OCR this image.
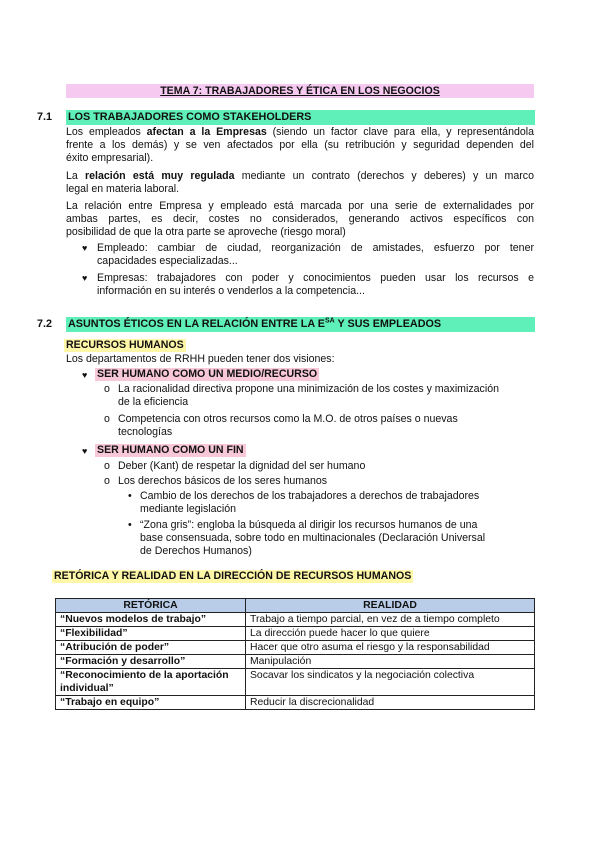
TEMA 7: TRABAJADORES Y ÉTICA EN LOS NEGOCIOS
7.1 LOS TRABAJADORES COMO STAKEHOLDERS
Los empleados afectan a la Empresas (siendo un factor clave para ella, y representándola
frente a los demás) y se ven afectados por ella (su retribución y seguridad dependen del
éxito empresarial).
La relación está muy regulada mediante un contrato (derechos y deberes) y un marco
legal en materia laboral.
La relación entre Empresa y empleado está marcada por una serie de externalidades por
ambas partes, es decir, costes no considerados, generando activos específicos con
posibilidad de que la otra parte se aproveche (riesgo moral)
♥ Empleado: cambiar de ciudad, reorganización de amistades, esfuerzo por tener
capacidades especializadas...
♥ Empresas: trabajadores con poder y conocimientos pueden usar los recursos e
información en su interés o venderlos a la competencia...
7.2 ASUNTOS ÉTICOS EN LA RELACIÓN ENTRE LA $E^{SA}$ Y SUS EMPLEADOS
RECURSOS HUMANOS
Los departamentos de RRHH pueden tener dos visiones:
♥ SER HUMANO COMO UN MEDIO/RECURSO
o La racionalidad directiva propone una minimización de los costes y maximización
de la eficiencia
o Competencia con otros recursos como la M.O. de otros países o nuevas
tecnologías
♥ SER HUMANO COMO UN FIN
o Deber (Kant) de respetar la dignidad del ser humano
o Los derechos básicos de los seres humanos
• Cambio de los derechos de los trabajadores a derechos de trabajadores
mediante legislación
• “Zona gris”: engloba la búsqueda al dirigir los recursos humanos de una
base consensuada, sobre todo en multinacionales (Declaración Universal
de Derechos Humanos)
RETÓRICA Y REALIDAD EN LA DIRECCIÓN DE RECURSOS HUMANOS
RETÓRICA	REALIDAD
“Nuevos modelos de trabajo”	Trabajo a tiempo parcial, en vez de a tiempo completo
“Flexibilidad”	La dirección puede hacer lo que quiere
“Atribución de poder”	Hacer que otro asuma el riesgo y la responsabilidad
“Formación y desarrollo”	Manipulación
“Reconocimiento de la aportación individual”	Socavar los sindicatos y la negociación colectiva
“Trabajo en equipo”	Reducir la discrecionalidad
